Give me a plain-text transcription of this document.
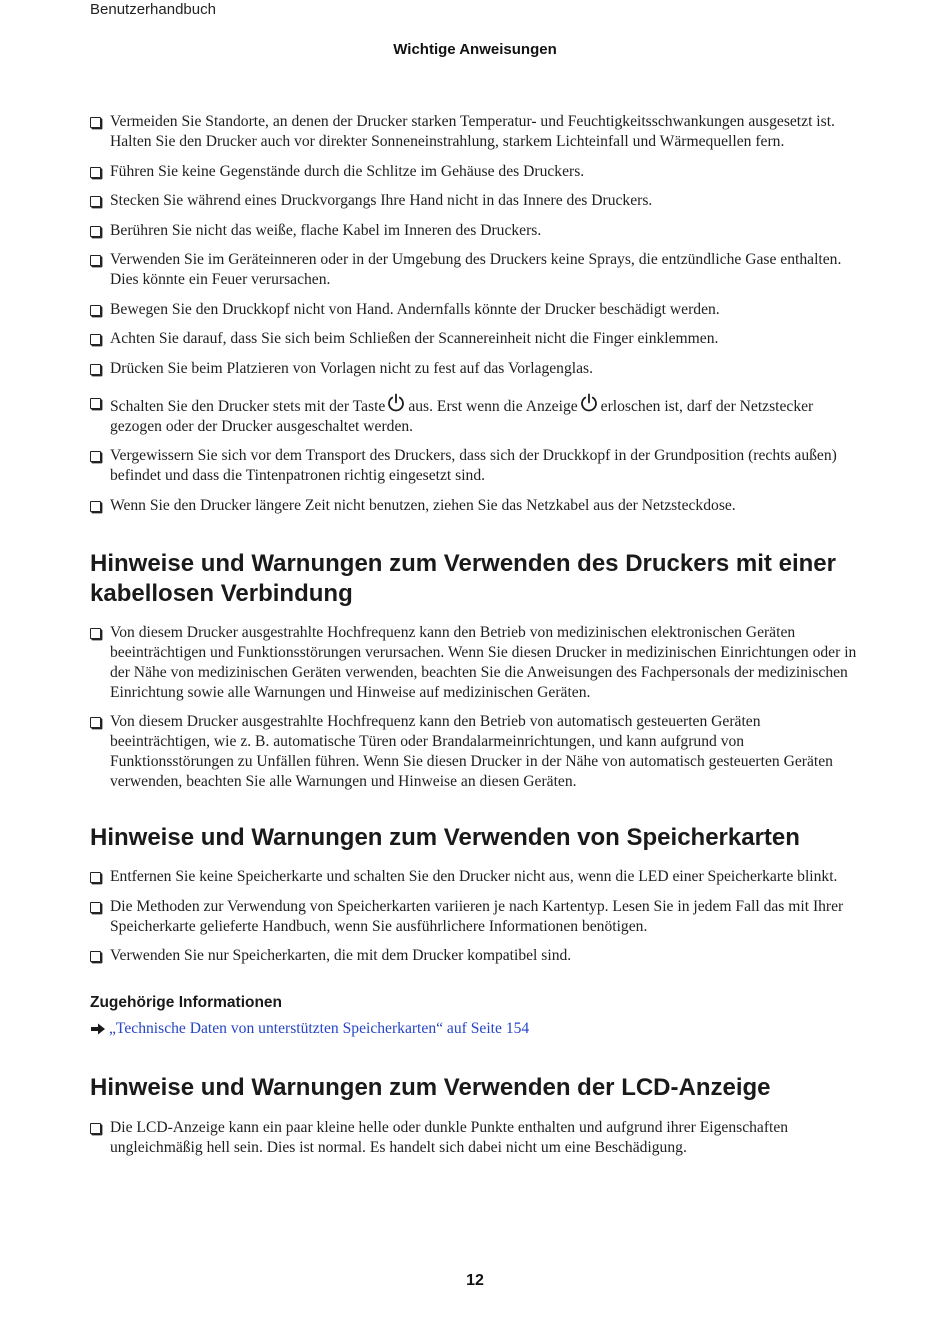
Benutzerhandbuch
Wichtige Anweisungen
Vermeiden Sie Standorte, an denen der Drucker starken Temperatur- und Feuchtigkeitsschwankungen ausgesetzt ist. Halten Sie den Drucker auch vor direkter Sonneneinstrahlung, starkem Lichteinfall und Wärmequellen fern.
Führen Sie keine Gegenstände durch die Schlitze im Gehäuse des Druckers.
Stecken Sie während eines Druckvorgangs Ihre Hand nicht in das Innere des Druckers.
Berühren Sie nicht das weiße, flache Kabel im Inneren des Druckers.
Verwenden Sie im Geräteinneren oder in der Umgebung des Druckers keine Sprays, die entzündliche Gase enthalten. Dies könnte ein Feuer verursachen.
Bewegen Sie den Druckkopf nicht von Hand. Andernfalls könnte der Drucker beschädigt werden.
Achten Sie darauf, dass Sie sich beim Schließen der Scannereinheit nicht die Finger einklemmen.
Drücken Sie beim Platzieren von Vorlagen nicht zu fest auf das Vorlagenglas.
Schalten Sie den Drucker stets mit der Taste aus. Erst wenn die Anzeige erloschen ist, darf der Netzstecker gezogen oder der Drucker ausgeschaltet werden.
Vergewissern Sie sich vor dem Transport des Druckers, dass sich der Druckkopf in der Grundposition (rechts außen) befindet und dass die Tintenpatronen richtig eingesetzt sind.
Wenn Sie den Drucker längere Zeit nicht benutzen, ziehen Sie das Netzkabel aus der Netzsteckdose.
Hinweise und Warnungen zum Verwenden des Druckers mit einer kabellosen Verbindung
Von diesem Drucker ausgestrahlte Hochfrequenz kann den Betrieb von medizinischen elektronischen Geräten beeinträchtigen und Funktionsstörungen verursachen. Wenn Sie diesen Drucker in medizinischen Einrichtungen oder in der Nähe von medizinischen Geräten verwenden, beachten Sie die Anweisungen des Fachpersonals der medizinischen Einrichtung sowie alle Warnungen und Hinweise auf medizinischen Geräten.
Von diesem Drucker ausgestrahlte Hochfrequenz kann den Betrieb von automatisch gesteuerten Geräten beeinträchtigen, wie z. B. automatische Türen oder Brandalarmeinrichtungen, und kann aufgrund von Funktionsstörungen zu Unfällen führen. Wenn Sie diesen Drucker in der Nähe von automatisch gesteuerten Geräten verwenden, beachten Sie alle Warnungen und Hinweise an diesen Geräten.
Hinweise und Warnungen zum Verwenden von Speicherkarten
Entfernen Sie keine Speicherkarte und schalten Sie den Drucker nicht aus, wenn die LED einer Speicherkarte blinkt.
Die Methoden zur Verwendung von Speicherkarten variieren je nach Kartentyp. Lesen Sie in jedem Fall das mit Ihrer Speicherkarte gelieferte Handbuch, wenn Sie ausführlichere Informationen benötigen.
Verwenden Sie nur Speicherkarten, die mit dem Drucker kompatibel sind.
Zugehörige Informationen
„Technische Daten von unterstützten Speicherkarten“ auf Seite 154
Hinweise und Warnungen zum Verwenden der LCD-Anzeige
Die LCD-Anzeige kann ein paar kleine helle oder dunkle Punkte enthalten und aufgrund ihrer Eigenschaften ungleichmäßig hell sein. Dies ist normal. Es handelt sich dabei nicht um eine Beschädigung.
12
